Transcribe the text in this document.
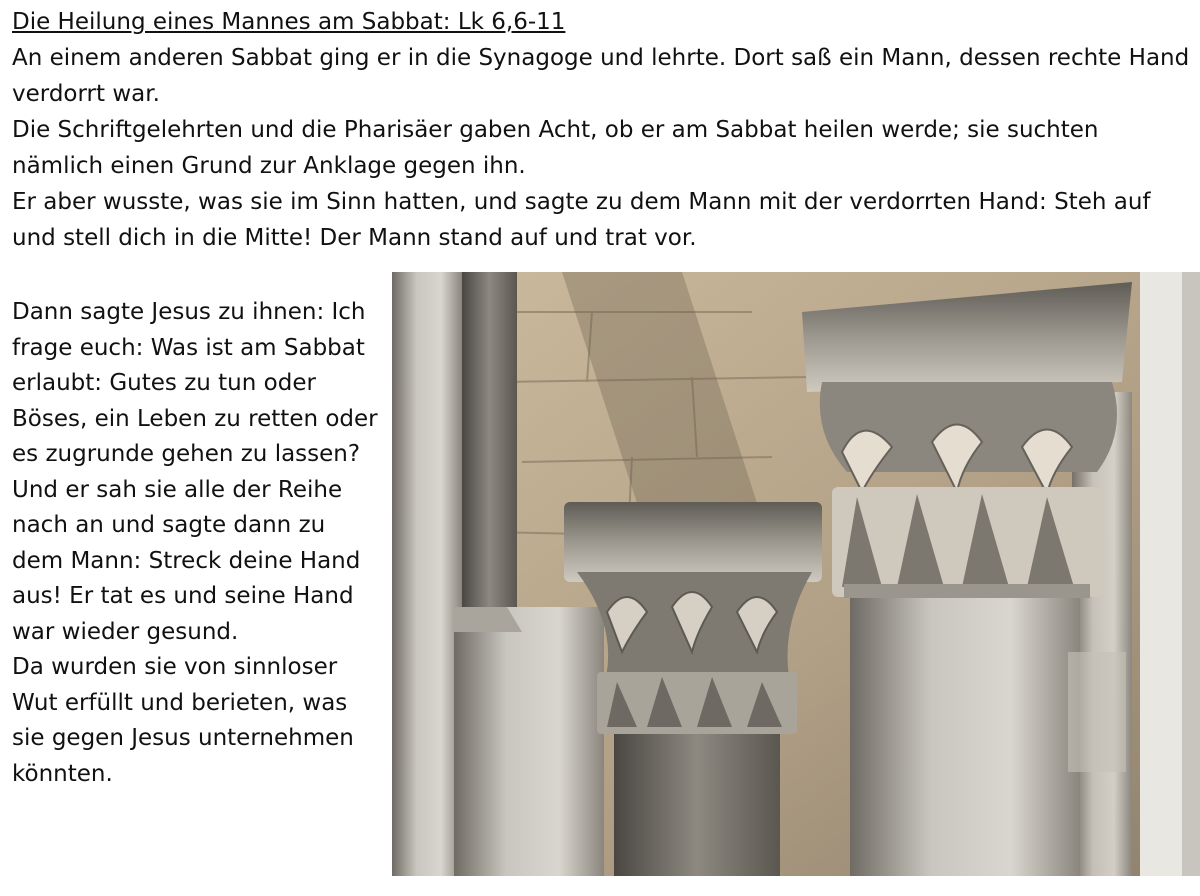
Die Heilung eines Mannes am Sabbat: Lk 6,6-11

An einem anderen Sabbat ging er in die Synagoge und lehrte. Dort saß ein Mann, dessen rechte Hand verdorrt war.

Die Schriftgelehrten und die Pharisäer gaben Acht, ob er am Sabbat heilen werde; sie suchten nämlich einen Grund zur Anklage gegen ihn.

Er aber wusste, was sie im Sinn hatten, und sagte zu dem Mann mit der verdorrten Hand: Steh auf und stell dich in die Mitte! Der Mann stand auf und trat vor.

Dann sagte Jesus zu ihnen: Ich frage euch: Was ist am Sabbat erlaubt: Gutes zu tun oder Böses, ein Leben zu retten oder es zugrunde gehen zu lassen?

Und er sah sie alle der Reihe nach an und sagte dann zu dem Mann: Streck deine Hand aus! Er tat es und seine Hand war wieder gesund.

Da wurden sie von sinnloser Wut erfüllt und berieten, was sie gegen Jesus unternehmen könnten.
